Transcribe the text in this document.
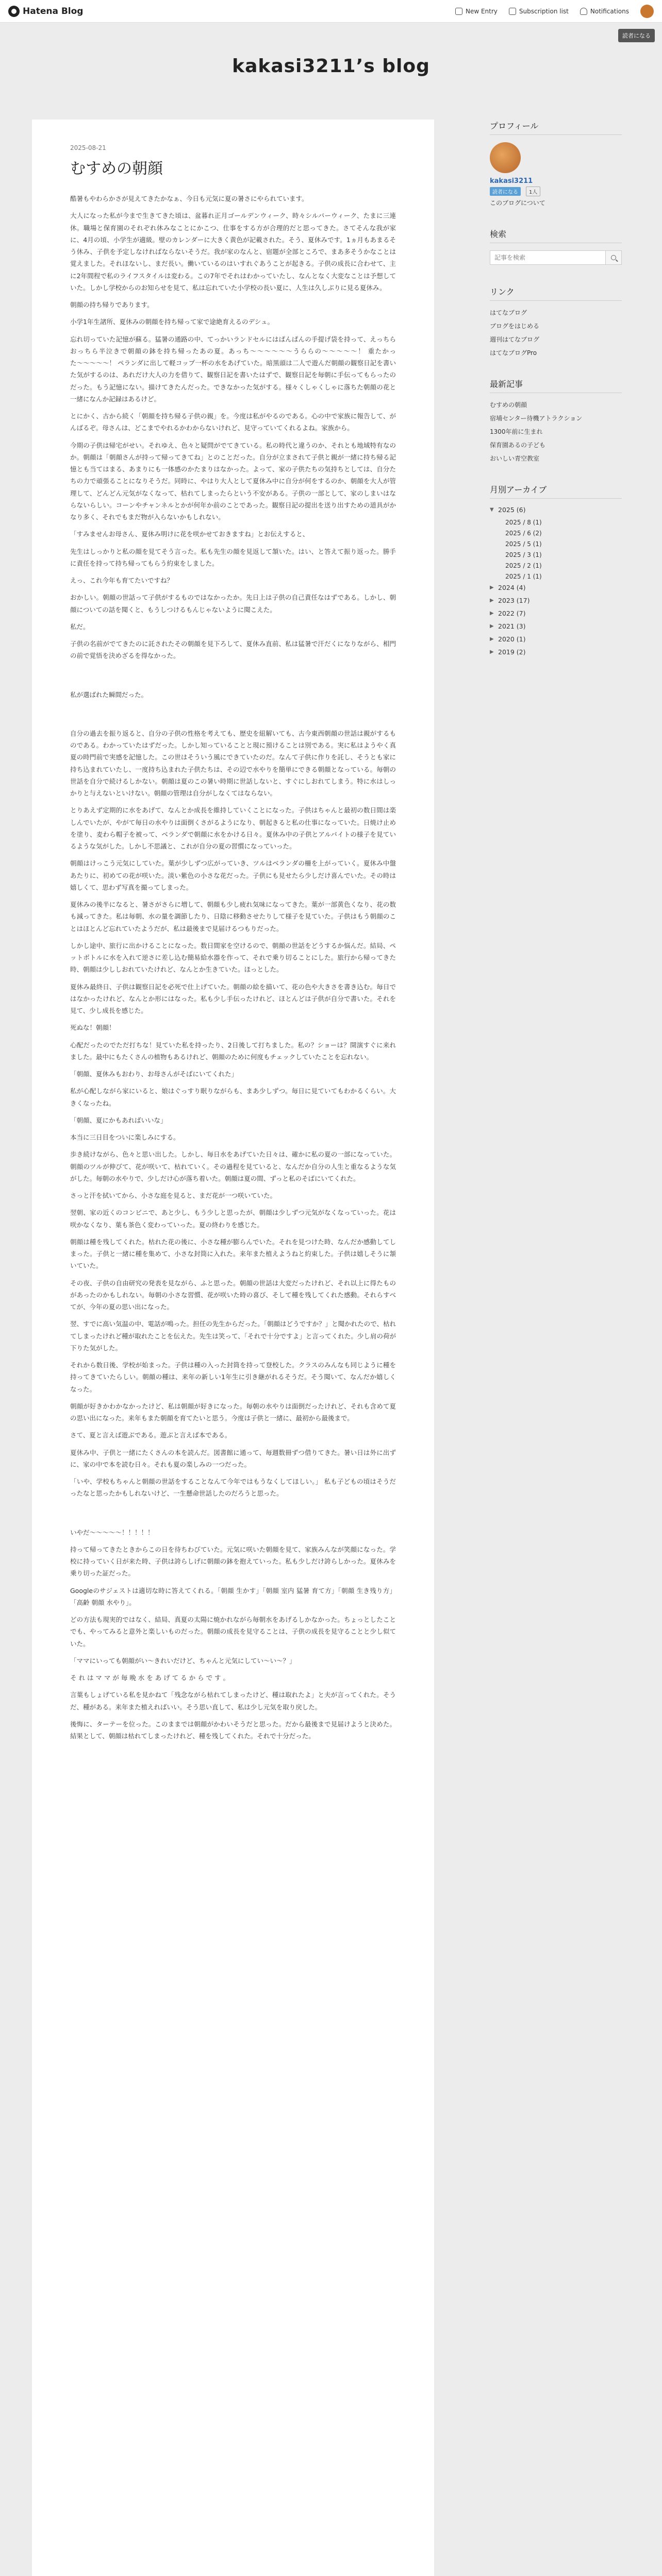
Hatena Blog	New Entry	Subscription list	Notifications
読者になる
kakasi3211’s blog
2025-08-21
むすめの朝顔

酷暑もやわらかさが見えてきたかなぁ、今日も元気に夏の暑さにやられています。

大人になった私が今まで生きてきた頃は、盆暮れ正月ゴールデンウィーク、時々シルバーウィーク、たまに三連休。職場と保育園のそれぞれ休みなことにかこつ、仕事をする方が合理的だと思ってきた。さてそんな我が家に、4月の頃、小学生が適級。壁のカレンダーに大きく黄色が記載された。そう、夏休みです。1ヵ月もあまるそう休み、子供を予定しなければならないそうだ。我が家のなんと、宿題が全部ところで、まあ多そうかなことは覚えました。それほないし、まだ長い。働いているのはいすれぐあうことが起きる。子供の成長に合わせて、主に2年間程で私のライフスタイルは変わる。この7年でそれはわかっていたし、なんとなく大変なことは予想していた。しかし学校からのお知らせを見て、私は忘れていた小学校の長い夏に、人生は久しぶりに見る夏休み。

朝顔の持ち帰りであります。

小学1年生諸所、夏休みの朝顔を持ち帰って家で途絶育えるのデシュ。

忘れ切っていた記憶が蘇る。猛暑の通路の中、てっかいランドセルにはぱんぱんの手提げ袋を持って、えっちらおっちら半泣きで朝顔の鉢を持ち帰ったあの夏。あっち〜〜〜〜〜〜うららの〜〜〜〜〜！ 重たかった〜〜〜〜〜！ ペランダに出して軽コップ一杯の水をあげていた。暗黒頭は二人で遊んだ朝顔の観察日記を書いた気がするのは、あれだけ大人の力を借りて、観察日記を書いたはずで、観察日記を毎朝に手伝ってもらったのだった。もう記憶にない。描けてきたんだった。できなかった気がする。様々くしゃくしゃに落ちた朝顔の花と一緒になんか記録はあるけど。

とにかく、古から続く「朝顔を持ち帰る子供の親」を。今度は私がやるのである。心の中で家族に報告して、がんばるぞ。母さんは、どこまでやれるかわからないけれど、見守っていてくれるよね。家族から。

今期の子供は帰宅がせい。それゆえ、色々と疑問がでてきている。私の時代と違うのか、それとも地域特有なのか。朝顔は「朝顔さんが持って帰ってきてね」とのことだった。自分が立まされて子供と親が一緒に持ち帰る記憶とも当てはまる、あまりにも一体感のかたまりはなかった。よって、家の子供たちの気持ちとしては、自分たちの力で頑張ることになりそうだ。同時に、やはり大人として夏休み中に自分が何をするのか、朝顔を大人が管理して、どんどん元気がなくなって、枯れてしまったらという不安がある。子供の一部として、家のしまいはならないらしい。コーンやチャンネルとかが何年か前のことであった。観察日記の提出を送り出すための道具がかなり多く、それでもまだ物が入らないかもしれない。

「すみませんお母さん、夏休み明けに花を咲かせておきますね」とお伝えすると、

先生はしっかりと私の顔を見てそう言った。私も先生の顔を見返して頷いた。はい、と答えて振り返った。勝手に責任を持って持ち帰ってもらう約束をしました。

えっ、これ今年も育てたいですね？

おかしい。朝顔の世話って子供がするものではなかったか。先日上は子供の自己責任なはずである。しかし、朝顔についての話を聞くと、もうしつけるもんじゃないように聞こえた。

私だ。

子供の名前がでてきたのに託されたその朝顔を見下ろして、夏休み直前、私は猛暑で汗だくになりながら、相門の前で覚悟を決めざるを得なかった。

私が選ばれた瞬間だった。

自分の過去を振り返ると、自分の子供の性格を考えても、歴史を紐解いても、古今東西朝顔の世話は親がするものである。わかっていたはずだった。しかし知っていることと現に預けることは別である。実に私はようやく真夏の時門前で実感を記憶した。この世はそういう風にできていたのだ。なんて子供に作りを託し、そうとも家に持ち込まれていたし、一度持ち込まれた子供たちは、その辺で水やりを簡単にできる朝顔となっている。毎朝の世話を自分で続けるしかない。朝顔は夏のこの暑い時期に世話しないと、すぐにしおれてしまう。特に水はしっかりと与えないといけない。朝顔の管理は自分がしなくてはならない。

とりあえず定期的に水をあげて、なんとか成長を維持していくことになった。子供はちゃんと最初の数日間は楽しんでいたが、やがて毎日の水やりは面倒くさがるようになり、朝起きると私の仕事になっていた。日焼け止めを塗り、麦わら帽子を被って、ベランダで朝顔に水をかける日々。夏休み中の子供とアルバイトの様子を見ているような気がした。しかし不思議と、これが自分の夏の習慣になっていった。

朝顔はけっこう元気にしていた。葉が少しずつ広がっていき、ツルはベランダの柵を上がっていく。夏休み中盤あたりに、初めての花が咲いた。淡い紫色の小さな花だった。子供にも見せたら少しだけ喜んでいた。その時は嬉しくて、思わず写真を撮ってしまった。

夏休みの後半になると、暑さがさらに増して、朝顔も少し疲れ気味になってきた。葉が一部黄色くなり、花の数も減ってきた。私は毎朝、水の量を調節したり、日陰に移動させたりして様子を見ていた。子供はもう朝顔のことはほとんど忘れていたようだが、私は最後まで見届けるつもりだった。

しかし途中、旅行に出かけることになった。数日間家を空けるので、朝顔の世話をどうするか悩んだ。結局、ペットボトルに水を入れて逆さに差し込む簡易給水器を作って、それで乗り切ることにした。旅行から帰ってきた時、朝顔は少ししおれていたけれど、なんとか生きていた。ほっとした。

夏休み最終日、子供は観察日記を必死で仕上げていた。朝顔の絵を描いて、花の色や大きさを書き込む。毎日ではなかったけれど、なんとか形にはなった。私も少し手伝ったけれど、ほとんどは子供が自分で書いた。それを見て、少し成長を感じた。

死ぬな！朝顔！

心配だったのでただ打ちな！見ていた私を持ったり、2日後して打ちました。私の？ショーは？開演すぐに来れました。最中にもたくさんの植物もあるけれど、朝顔のために何度もチェックしていたことを忘れない。

「朝顔、夏休みもおわり、お母さんがそばにいてくれた」

私が心配しながら家にいると、娘はぐっすり眠りながらも、まあ少しずつ。毎日に見ていてもわかるくらい。大きくなったね。

「朝顔、夏にかもあればいいな」

本当に三日目をついに楽しみにする。

歩き続けながら、色々と思い出した。しかし、毎日水をあげていた日々は、確かに私の夏の一部になっていた。朝顔のツルが伸びて、花が咲いて、枯れていく。その過程を見ていると、なんだか自分の人生と重なるような気がした。毎朝の水やりで、少しだけ心が落ち着いた。朝顔は夏の間、ずっと私のそばにいてくれた。

さっと汗を拭いてから、小さな庭を見ると、まだ花が一つ咲いていた。

翌朝、家の近くのコンビニで、あと少し、もう少しと思ったが、朝顔は少しずつ元気がなくなっていった。花は咲かなくなり、葉も茶色く変わっていった。夏の終わりを感じた。

朝顔は種を残してくれた。枯れた花の後に、小さな種が膨らんでいた。それを見つけた時、なんだか感動してしまった。子供と一緒に種を集めて、小さな封筒に入れた。来年また植えようねと約束した。子供は嬉しそうに頷いていた。

その夜、子供の自由研究の発表を見ながら、ふと思った。朝顔の世話は大変だったけれど、それ以上に得たものがあったのかもしれない。毎朝の小さな習慣、花が咲いた時の喜び、そして種を残してくれた感動。それらすべてが、今年の夏の思い出になった。

翌、すでに高い気温の中、電話が鳴った。担任の先生からだった。「朝顔はどうですか？」と聞かれたので、枯れてしまったけれど種が取れたことを伝えた。先生は笑って、「それで十分ですよ」と言ってくれた。少し肩の荷が下りた気がした。

それから数日後、学校が始まった。子供は種の入った封筒を持って登校した。クラスのみんなも同じように種を持ってきていたらしい。朝顔の種は、来年の新しい1年生に引き継がれるそうだ。そう聞いて、なんだか嬉しくなった。

朝顔が好きかわかなかったけど、私は朝顔が好きになった。毎朝の水やりは面倒だったけれど、それも含めて夏の思い出になった。来年もまた朝顔を育てたいと思う。今度は子供と一緒に、最初から最後まで。

さて、夏と言えば遊ぶである。遊ぶと言えば本である。

夏休み中、子供と一緒にたくさんの本を読んだ。図書館に通って、毎週数冊ずつ借りてきた。暑い日は外に出ずに、家の中で本を読む日々。それも夏の楽しみの一つだった。

「いや、学校もちゃんと朝顔の世話をすることなんて今年ではもうなくしてほしい。」 私も子どもの頃はそうだったなと思ったかもしれないけど、一生懸命世話したのだろうと思った。

いやだ〜〜〜〜〜！！！！！

持って帰ってきたときからこの日を待ちわびていた。元気に咲いた朝顔を見て、家族みんなが笑顔になった。学校に持っていく日が来た時、子供は誇らしげに朝顔の鉢を抱えていった。私も少しだけ誇らしかった。夏休みを乗り切った証だった。

Googleのサジェストは適切な時に答えてくれる。「朝顔 生かす」「朝顔 室内 猛暑 育て方」「朝顔 生き残り方」「高齢 朝顔 水やり」。

どの方法も現実的ではなく、結局、真夏の太陽に焼かれながら毎朝水をあげるしかなかった。ちょっとしたことでも、やってみると意外と楽しいものだった。朝顔の成長を見守ることは、子供の成長を見守ることと少し似ていた。

「ママにいっても朝顔がい〜きれいだけど、ちゃんと元気にしてい〜い〜？」

そ れ は マ マ が 毎 晩 水 を あ げ て る か ら で す 。

言葉もしょげている私を見かねて「残念ながら枯れてしまったけど、種は取れたよ」と夫が言ってくれた。そうだ、種がある。来年また植えればいい。そう思い直して、私は少し元気を取り戻した。

後悔に、ターテーを位った。このままでは朝顔がかわいそうだと思った。だから最後まで見届けようと決めた。結果として、朝顔は枯れてしまったけれど、種を残してくれた。それで十分だった。

プロフィール
kakasi3211
読者になる 1人
このブログについて
検索
記事を検索
リンク
はてなブログ
ブログをはじめる
週刊はてなブログ
はてなブログPro
最新記事
むすめの朝顔
宿埔センター待機アトラクション
1300年前に生まれ
保育園あるの子ども
おいしい青空教室
月別アーカイブ
▼ 2025 (6)
2025 / 8 (1)
2025 / 6 (2)
2025 / 5 (1)
2025 / 3 (1)
2025 / 2 (1)
2025 / 1 (1)
▶ 2024 (4)
▶ 2023 (17)
▶ 2022 (7)
▶ 2021 (3)
▶ 2020 (1)
▶ 2019 (2)
